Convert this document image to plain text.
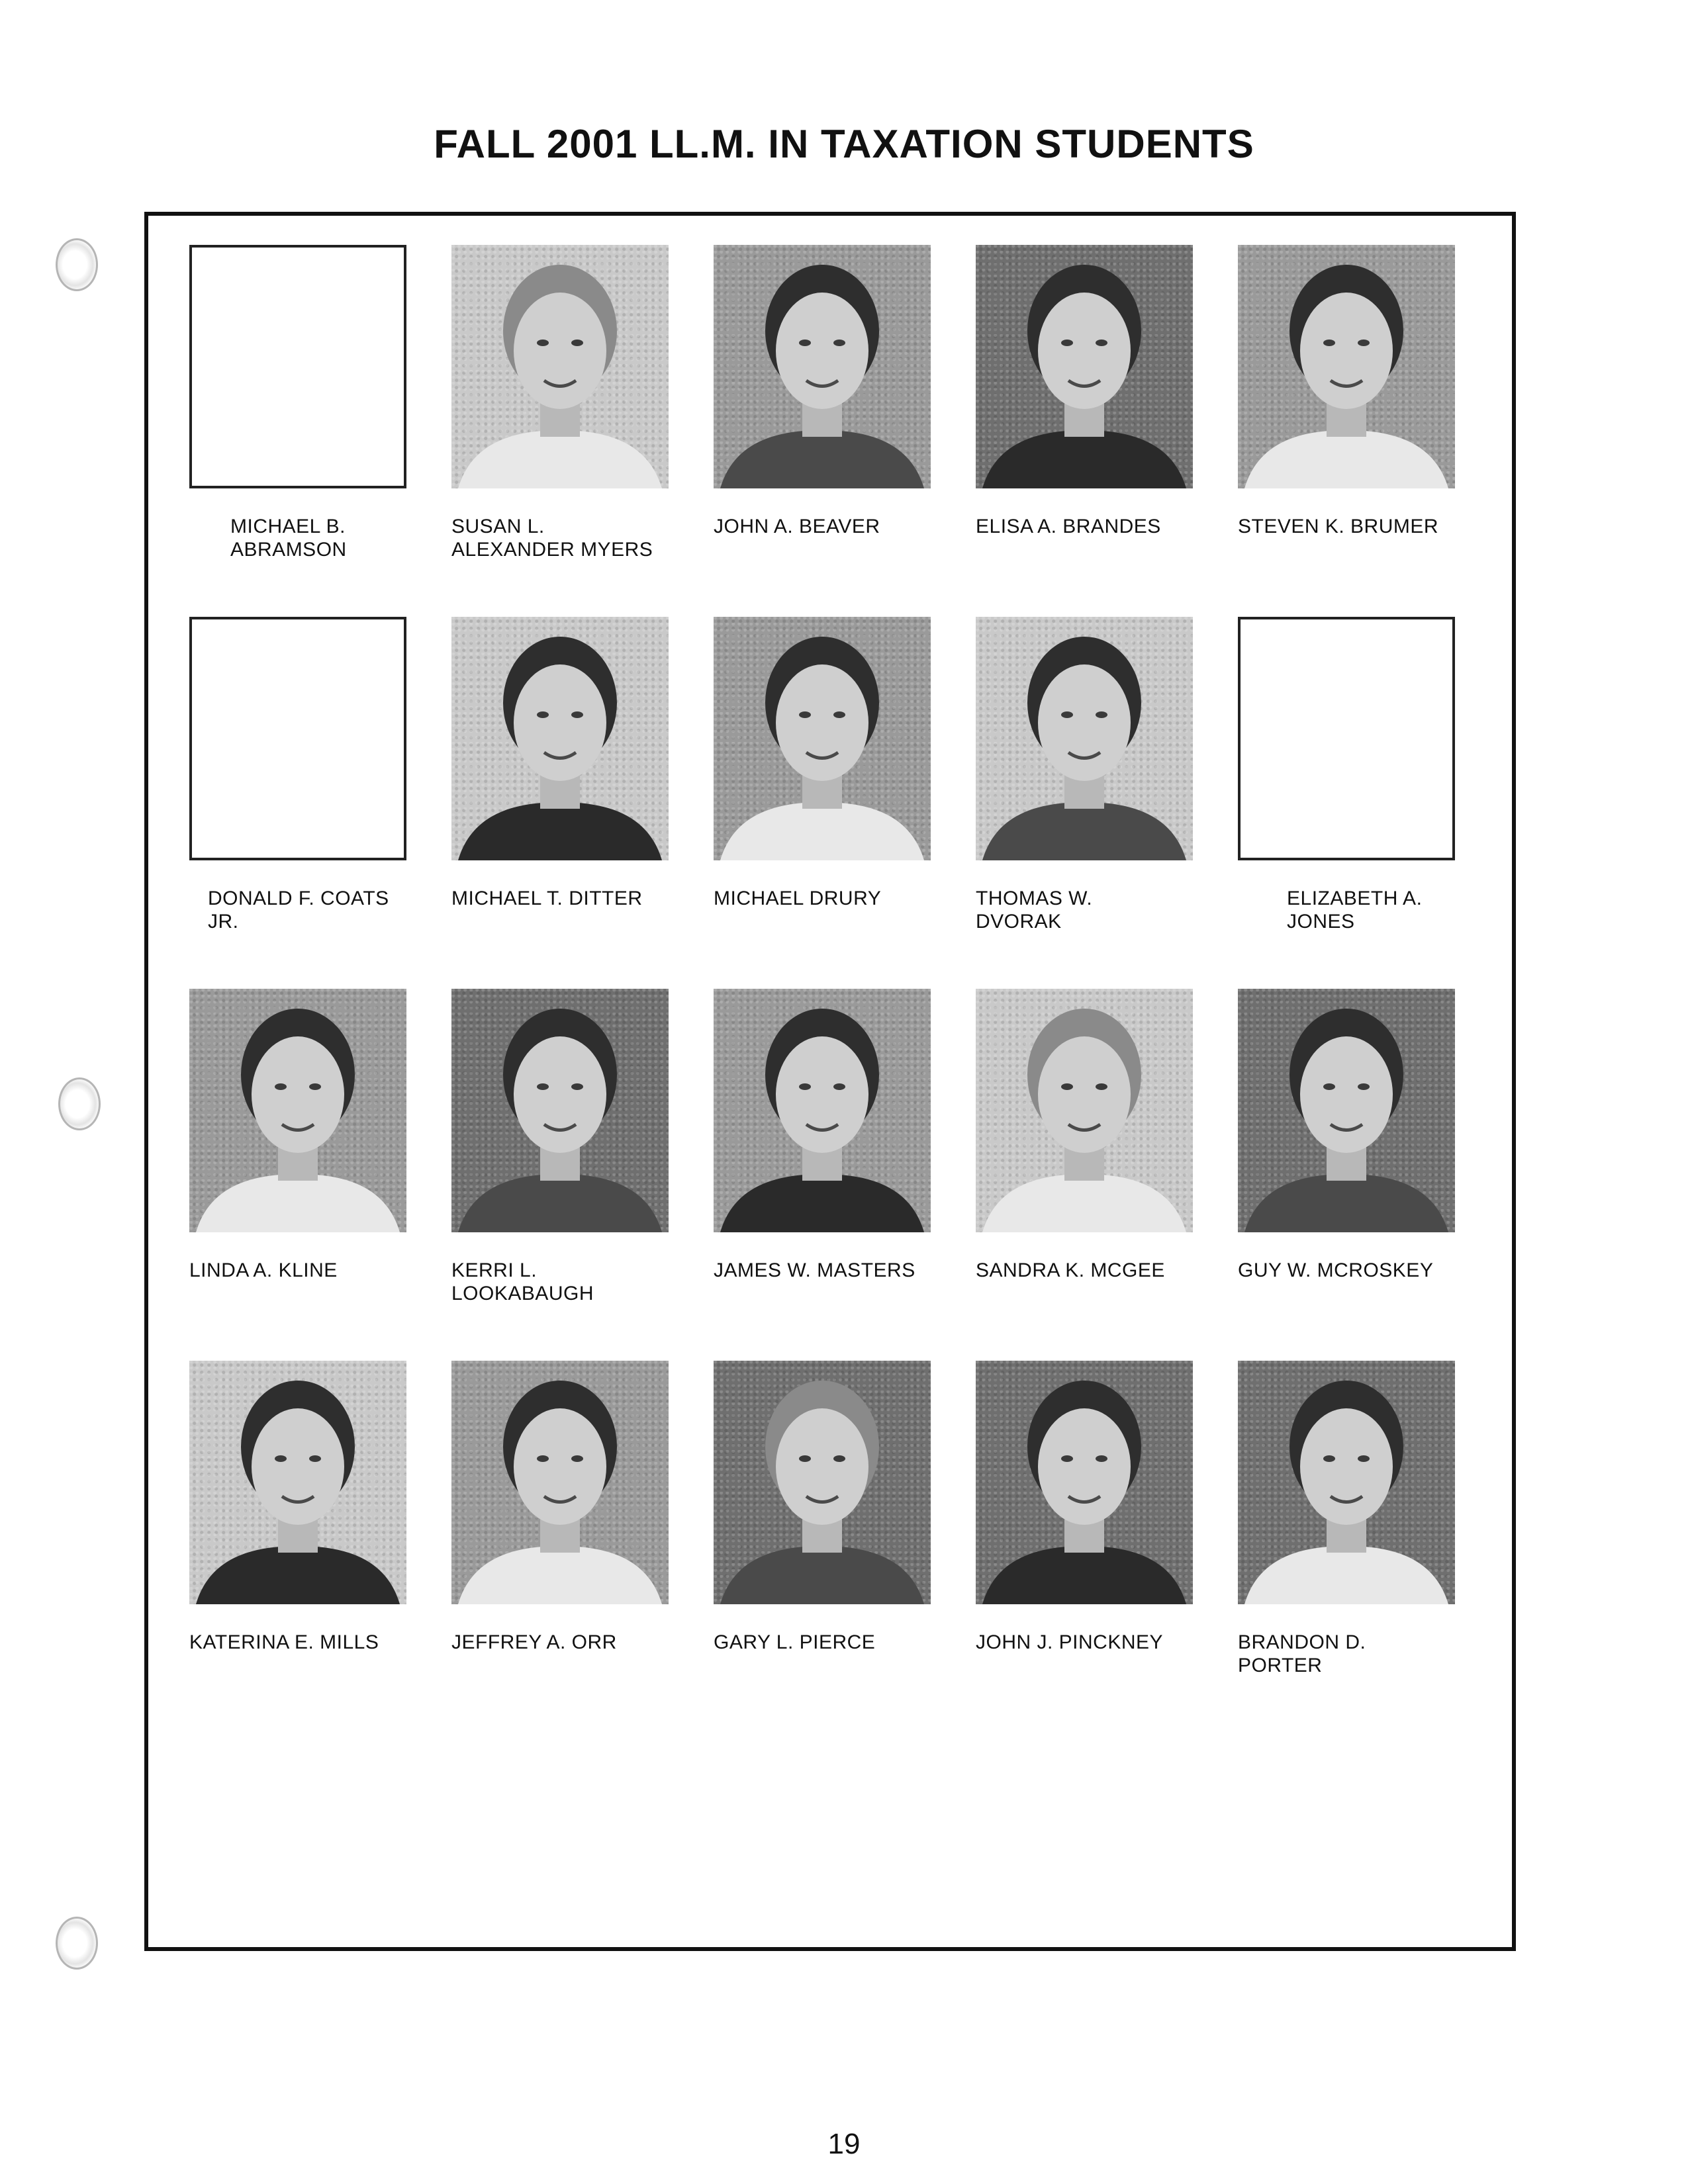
FALL 2001 LL.M. IN TAXATION STUDENTS
MICHAEL B.
ABRAMSON
SUSAN L.
ALEXANDER MYERS
JOHN A. BEAVER	ELISA A. BRANDES	STEVEN K. BRUMER
DONALD F. COATS
JR.
MICHAEL T. DITTER	MICHAEL DRURY	THOMAS W.
DVORAK
ELIZABETH A.
JONES
LINDA A. KLINE	KERRI L.
LOOKABAUGH
JAMES W. MASTERS	SANDRA K. MCGEE	GUY W. MCROSKEY
KATERINA E. MILLS	JEFFREY A. ORR	GARY L. PIERCE	JOHN J. PINCKNEY	BRANDON D.
PORTER
19
